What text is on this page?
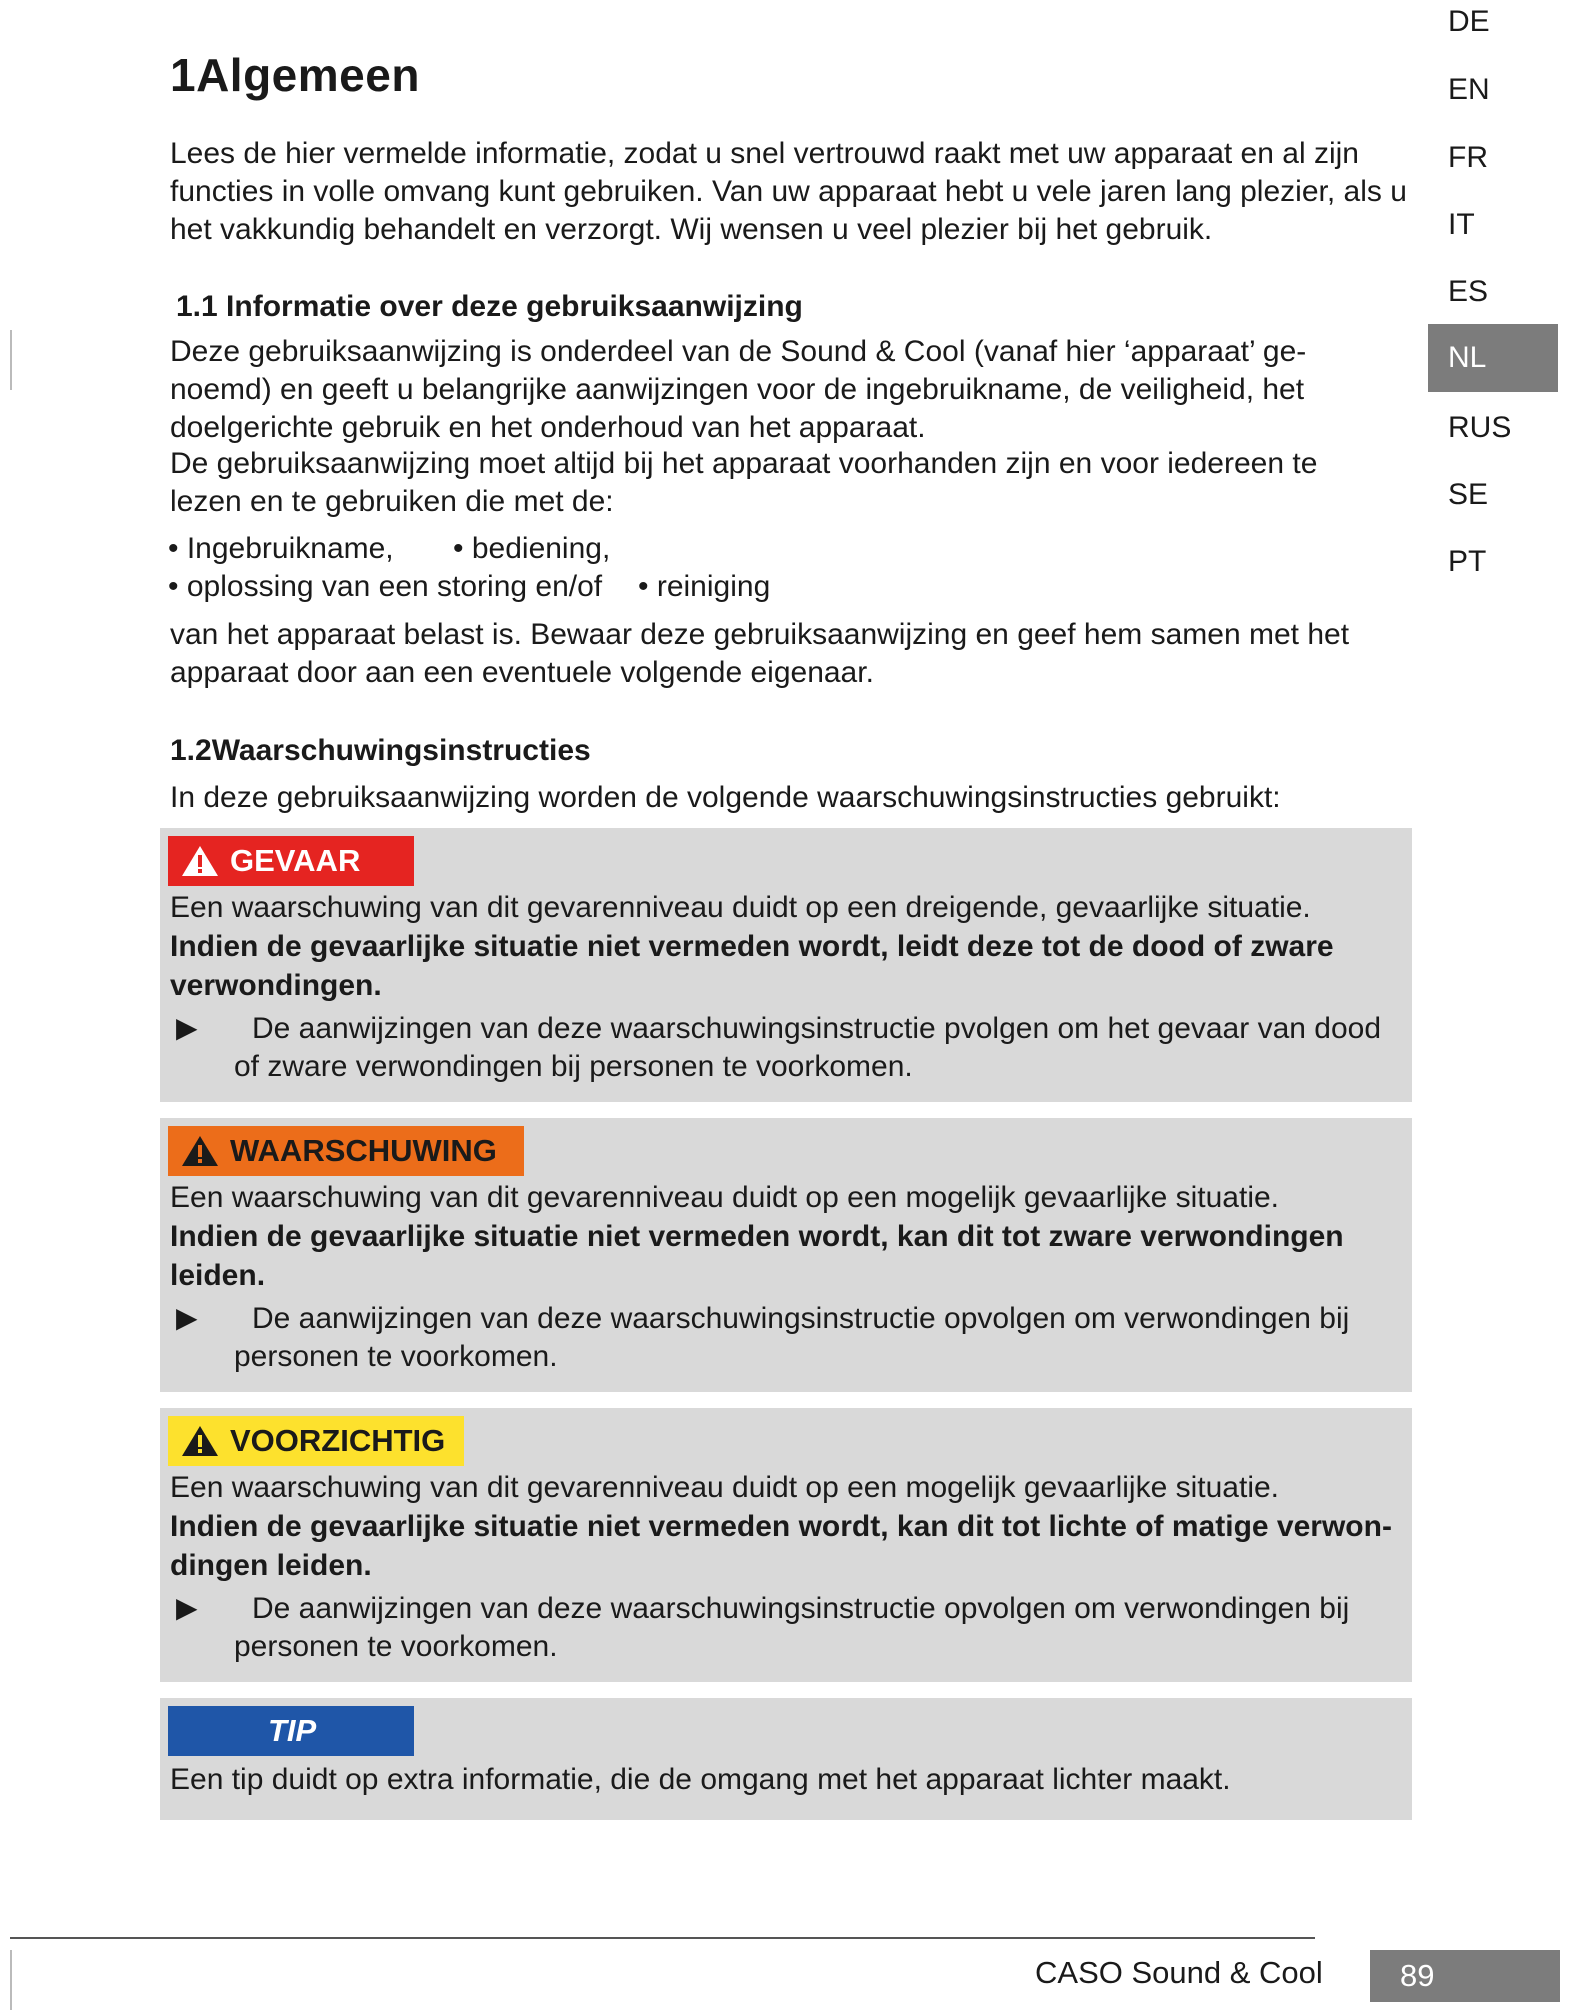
1Algemeen
Lees de hier vermelde informatie, zodat u snel vertrouwd raakt met uw apparaat en al zijn functies in volle omvang kunt gebruiken. Van uw apparaat hebt u vele jaren lang plezier, als u het vakkundig behandelt en verzorgt. Wij wensen u veel plezier bij het gebruik.
DE
EN
FR
IT
ES
NL
RUS
SE
PT
1.1 Informatie over deze gebruiksaanwijzing
Deze gebruiksaanwijzing is onderdeel van de Sound & Cool (vanaf hier ‘apparaat’ ge-noemd) en geeft u belangrijke aanwijzingen voor de ingebruikname, de veiligheid, het doelgerichte gebruik en het onderhoud van het apparaat.
De gebruiksaanwijzing moet altijd bij het apparaat voorhanden zijn en voor iedereen te lezen en te gebruiken die met de:
• Ingebruikname,	• bediening,
• oplossing van een storing en/of	• reiniging
van het apparaat belast is. Bewaar deze gebruiksaanwijzing en geef hem samen met het apparaat door aan een eventuele volgende eigenaar.
1.2Waarschuwingsinstructies
In deze gebruiksaanwijzing worden de volgende waarschuwingsinstructies gebruikt:
GEVAAR
Een waarschuwing van dit gevarenniveau duidt op een dreigende, gevaarlijke situatie.
Indien de gevaarlijke situatie niet vermeden wordt, leidt deze tot de dood of zware verwondingen.
▶	De aanwijzingen van deze waarschuwingsinstructie pvolgen om het gevaar van dood of zware verwondingen bij personen te voorkomen.
WAARSCHUWING
Een waarschuwing van dit gevarenniveau duidt op een mogelijk gevaarlijke situatie.
Indien de gevaarlijke situatie niet vermeden wordt, kan dit tot zware verwondingen leiden.
▶	De aanwijzingen van deze waarschuwingsinstructie opvolgen om verwondingen bij personen te voorkomen.
VOORZICHTIG
Een waarschuwing van dit gevarenniveau duidt op een mogelijk gevaarlijke situatie.
Indien de gevaarlijke situatie niet vermeden wordt, kan dit tot lichte of matige verwon-dingen leiden.
▶	De aanwijzingen van deze waarschuwingsinstructie opvolgen om verwondingen bij personen te voorkomen.
TIP
Een tip duidt op extra informatie, die de omgang met het apparaat lichter maakt.
CASO Sound & Cool	89
